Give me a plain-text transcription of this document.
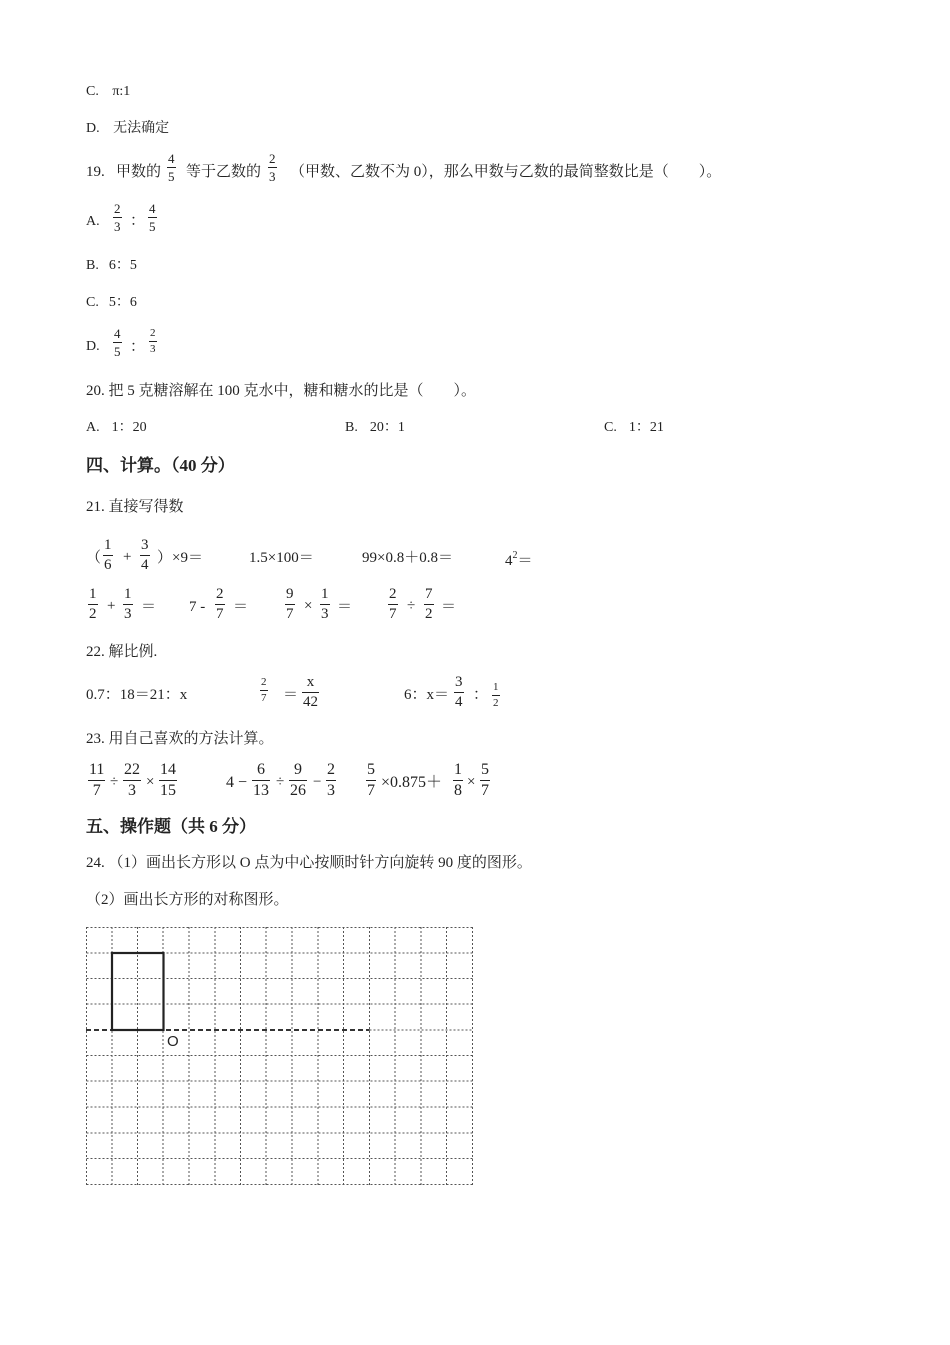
C. π:1
D. 无法确定
19. 甲数的
4
5 等于乙数的
2
3 （甲数、乙数不为 0），那么甲数与乙数的最简整数比是（　　）。
A.
2
3 ：
4
5
B. 6：5
C. 5：6
D.
4
5 ：
2
3
20. 把 5 克糖溶解在 100 克水中，糖和糖水的比是（　　）。
A. 1：20	B. 20：1	C. 1：21
四、计算。（40 分）
21. 直接写得数
（
1
6 +
3
4 ）×9＝	1.5×100＝	99×0.8＋0.8＝	$4^2=$
1
2 +
1
3 ＝ 7 -
2
7 ＝
9
7 ×
1
3 ＝
2
7 ÷
7
2 ＝
22. 解比例.
0.7：18＝21：x
2
7 ＝
x
42	6：x＝
3
4 ： 1
2
23. 用自己喜欢的方法计算。
11
7 ÷
22
3 ×
14
15	4 −
6
13 ÷
9
26 −
2
3
5
7 ×0.875＋
1
8 ×
5
7
五、操作题（共 6 分）
24. （1）画出长方形以 O 点为中心按顺时针方向旋转 90 度的图形。
（2）画出长方形的对称图形。
O
